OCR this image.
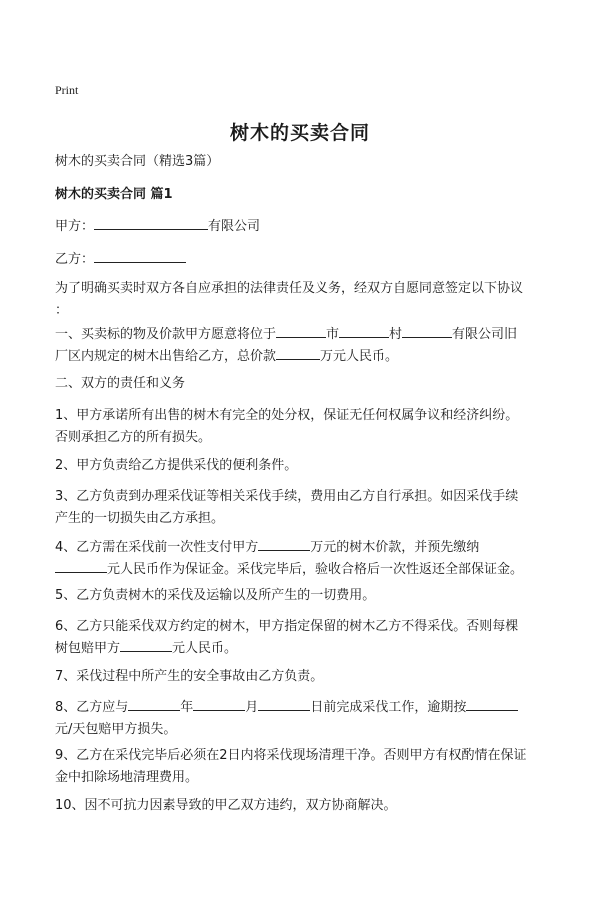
Print
树木的买卖合同
树木的买卖合同（精选3篇）
树木的买卖合同 篇1
甲方：	有限公司
乙方：
为了明确买卖时双方各自应承担的法律责任及义务，经双方自愿同意签定以下协议
：
一、买卖标的物及价款甲方愿意将位于	市	村	有限公司旧
厂区内规定的树木出售给乙方，总价款	万元人民币。
二、双方的责任和义务
1、甲方承诺所有出售的树木有完全的处分权，保证无任何权属争议和经济纠纷。
否则承担乙方的所有损失。
2、甲方负责给乙方提供采伐的便利条件。
3、乙方负责到办理采伐证等相关采伐手续，费用由乙方自行承担。如因采伐手续
产生的一切损失由乙方承担。
4、乙方需在采伐前一次性支付甲方	万元的树木价款，并预先缴纳
元人民币作为保证金。采伐完毕后，验收合格后一次性返还全部保证金。
5、乙方负责树木的采伐及运输以及所产生的一切费用。
6、乙方只能采伐双方约定的树木，甲方指定保留的树木乙方不得采伐。否则每棵
树包赔甲方	元人民币。
7、采伐过程中所产生的安全事故由乙方负责。
8、乙方应与	年	月	日前完成采伐工作，逾期按
元/天包赔甲方损失。
9、乙方在采伐完毕后必须在2日内将采伐现场清理干净。否则甲方有权酌情在保证
金中扣除场地清理费用。
10、因不可抗力因素导致的甲乙双方违约，双方协商解决。
